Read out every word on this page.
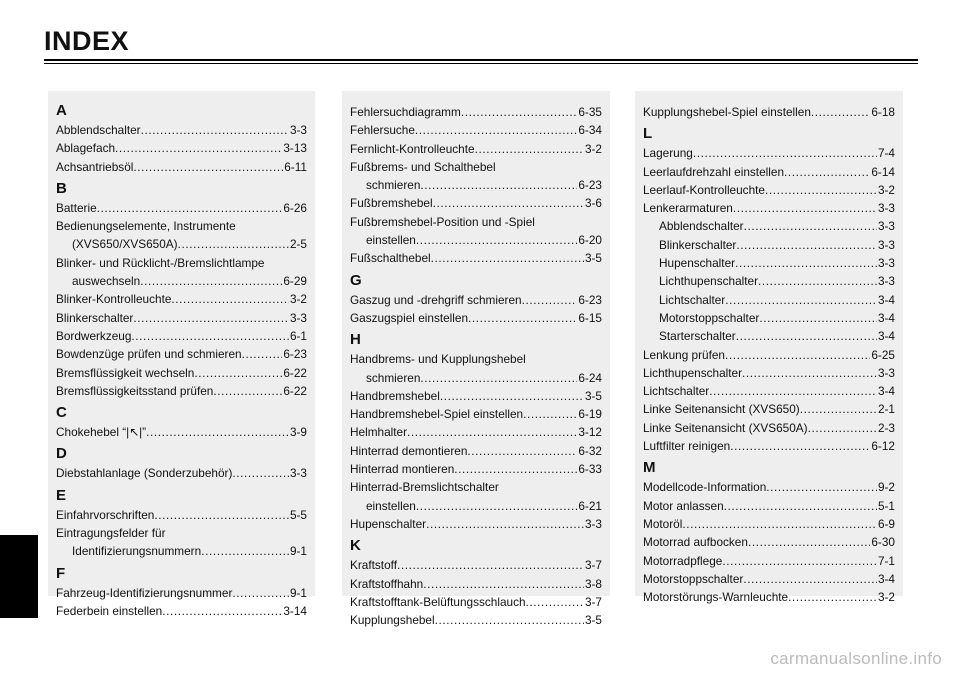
INDEX
A
Abblendschalter .....	3-3
Ablagefach .....	3-13
Achsantriebsöl .....	6-11
B
Batterie .....	6-26
Bedienungselemente, Instrumente
(XVS650/XVS650A) .....	2-5
Blinker- und Rücklicht-/Bremslichtlampe
auswechseln .....	6-29
Blinker-Kontrolleuchte .....	3-2
Blinkerschalter .....	3-3
Bordwerkzeug .....	6-1
Bowdenzüge prüfen und schmieren .....	6-23
Bremsflüssigkeit wechseln .....	6-22
Bremsflüssigkeitsstand prüfen .....	6-22
C
Chokehebel “|↖|” .....	3-9
D
Diebstahlanlage (Sonderzubehör) .....	3-3
E
Einfahrvorschriften .....	5-5
Eintragungsfelder für
Identifizierungsnummern .....	9-1
F
Fahrzeug-Identifizierungsnummer .....	9-1
Federbein einstellen .....	3-14
Fehlersuchdiagramm .....	6-35
Fehlersuche .....	6-34
Fernlicht-Kontrolleuchte .....	3-2
Fußbrems- und Schalthebel
schmieren .....	6-23
Fußbremshebel .....	3-6
Fußbremshebel-Position und -Spiel
einstellen .....	6-20
Fußschalthebel .....	3-5
G
Gaszug und -drehgriff schmieren .....	6-23
Gaszugspiel einstellen .....	6-15
H
Handbrems- und Kupplungshebel
schmieren .....	6-24
Handbremshebel .....	3-5
Handbremshebel-Spiel einstellen .....	6-19
Helmhalter .....	3-12
Hinterrad demontieren .....	6-32
Hinterrad montieren .....	6-33
Hinterrad-Bremslichtschalter
einstellen .....	6-21
Hupenschalter .....	3-3
K
Kraftstoff .....	3-7
Kraftstoffhahn .....	3-8
Kraftstofftank-Belüftungsschlauch .....	3-7
Kupplungshebel .....	3-5
Kupplungshebel-Spiel einstellen .....	6-18
L
Lagerung .....	7-4
Leerlaufdrehzahl einstellen .....	6-14
Leerlauf-Kontrolleuchte .....	3-2
Lenkerarmaturen .....	3-3
Abblendschalter .....	3-3
Blinkerschalter .....	3-3
Hupenschalter .....	3-3
Lichthupenschalter .....	3-3
Lichtschalter .....	3-4
Motorstoppschalter .....	3-4
Starterschalter .....	3-4
Lenkung prüfen .....	6-25
Lichthupenschalter .....	3-3
Lichtschalter .....	3-4
Linke Seitenansicht (XVS650) .....	2-1
Linke Seitenansicht (XVS650A) .....	2-3
Luftfilter reinigen .....	6-12
M
Modellcode-Information .....	9-2
Motor anlassen .....	5-1
Motoröl .....	6-9
Motorrad aufbocken .....	6-30
Motorradpflege .....	7-1
Motorstoppschalter .....	3-4
Motorstörungs-Warnleuchte .....	3-2
carmanualsonline.info
